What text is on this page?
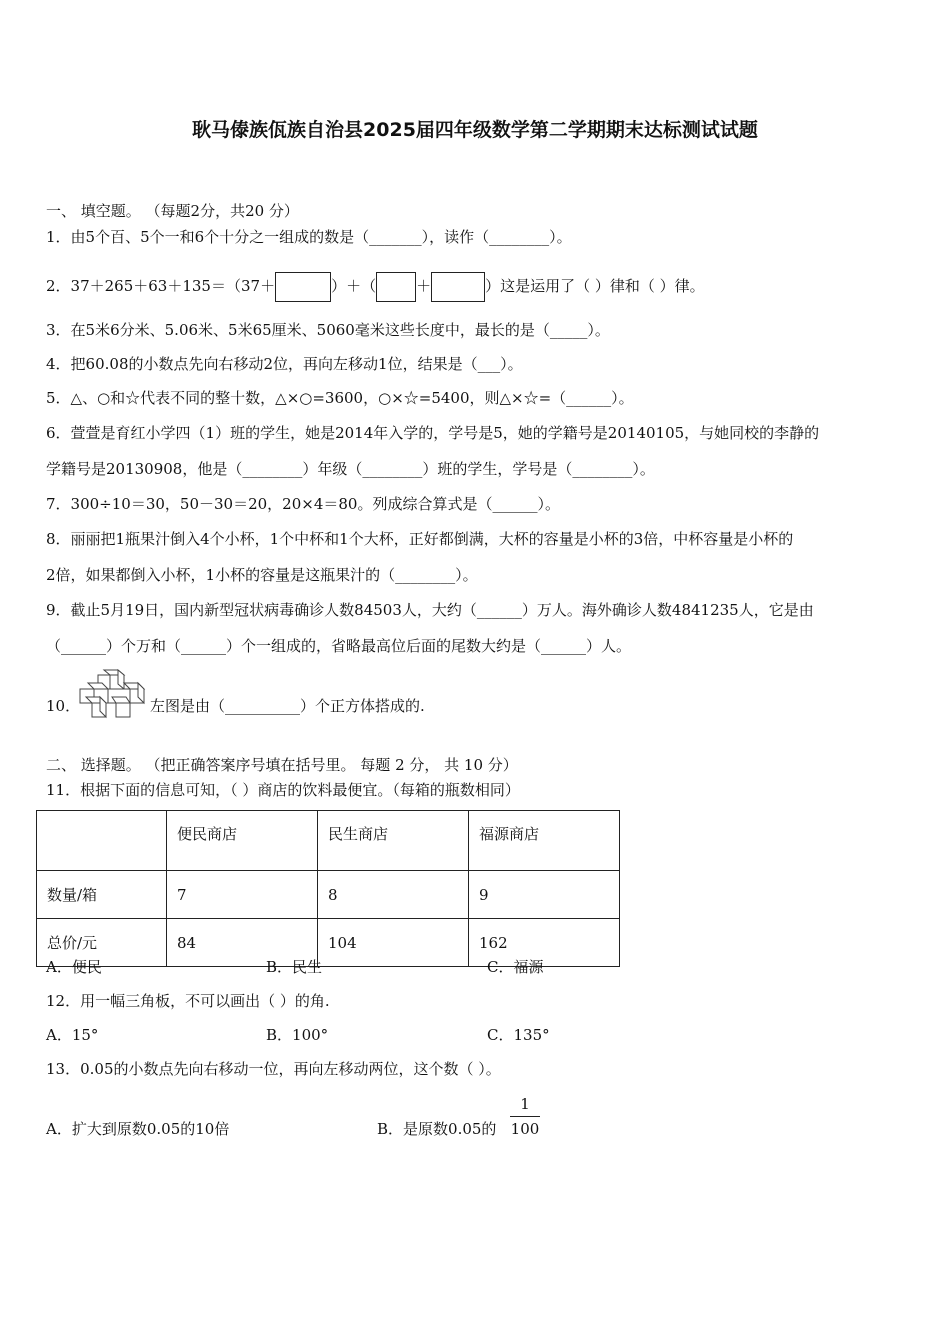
耿马傣族佤族自治县2025届四年级数学第二学期期末达标测试试题
一、 填空题。 （每题2分，共20 分）
1．由5个百、5个一和6个十分之一组成的数是（_______），读作（________）。
2．37＋265＋63＋135＝（37＋	）＋（	＋	）这是运用了（ ）律和（ ）律。
3．在5米6分米、5.06米、5米65厘米、5060毫米这些长度中，最长的是（_____）。
4．把60.08的小数点先向右移动2位，再向左移动1位，结果是（___）。
5．△、○和☆代表不同的整十数，△×○=3600，○×☆=5400，则△×☆=（______）。
6．萱萱是育红小学四（1）班的学生，她是2014年入学的，学号是5，她的学籍号是20140105，与她同校的李静的
学籍号是20130908，他是（________）年级（________）班的学生，学号是（________）。
7．300÷10＝30，50－30＝20，20×4＝80。列成综合算式是（______）。
8．丽丽把1瓶果汁倒入4个小杯，1个中杯和1个大杯，正好都倒满，大杯的容量是小杯的3倍，中杯容量是小杯的
2倍，如果都倒入小杯，1小杯的容量是这瓶果汁的（________）。
9．截止5月19日，国内新型冠状病毒确诊人数84503人，大约（______）万人。海外确诊人数4841235人，它是由
（______）个万和（______）个一组成的，省略最高位后面的尾数大约是（______）人。
10．	左图是由（__________）个正方体搭成的.
二、 选择题。 （把正确答案序号填在括号里。 每题 2 分， 共 10 分）
11．根据下面的信息可知，（ ）商店的饮料最便宜。（每箱的瓶数相同）
	便民商店	民生商店	福源商店
数量/箱	7	8	9
总价/元	84	104	162
A．便民	B．民生	C．福源
12．用一幅三角板，不可以画出（ ）的角.
A．15°	B．100°	C．135°
13．0.05的小数点先向右移动一位，再向左移动两位，这个数（ ）。
A．扩大到原数0.05的10倍	B．是原数0.05的
1
100
